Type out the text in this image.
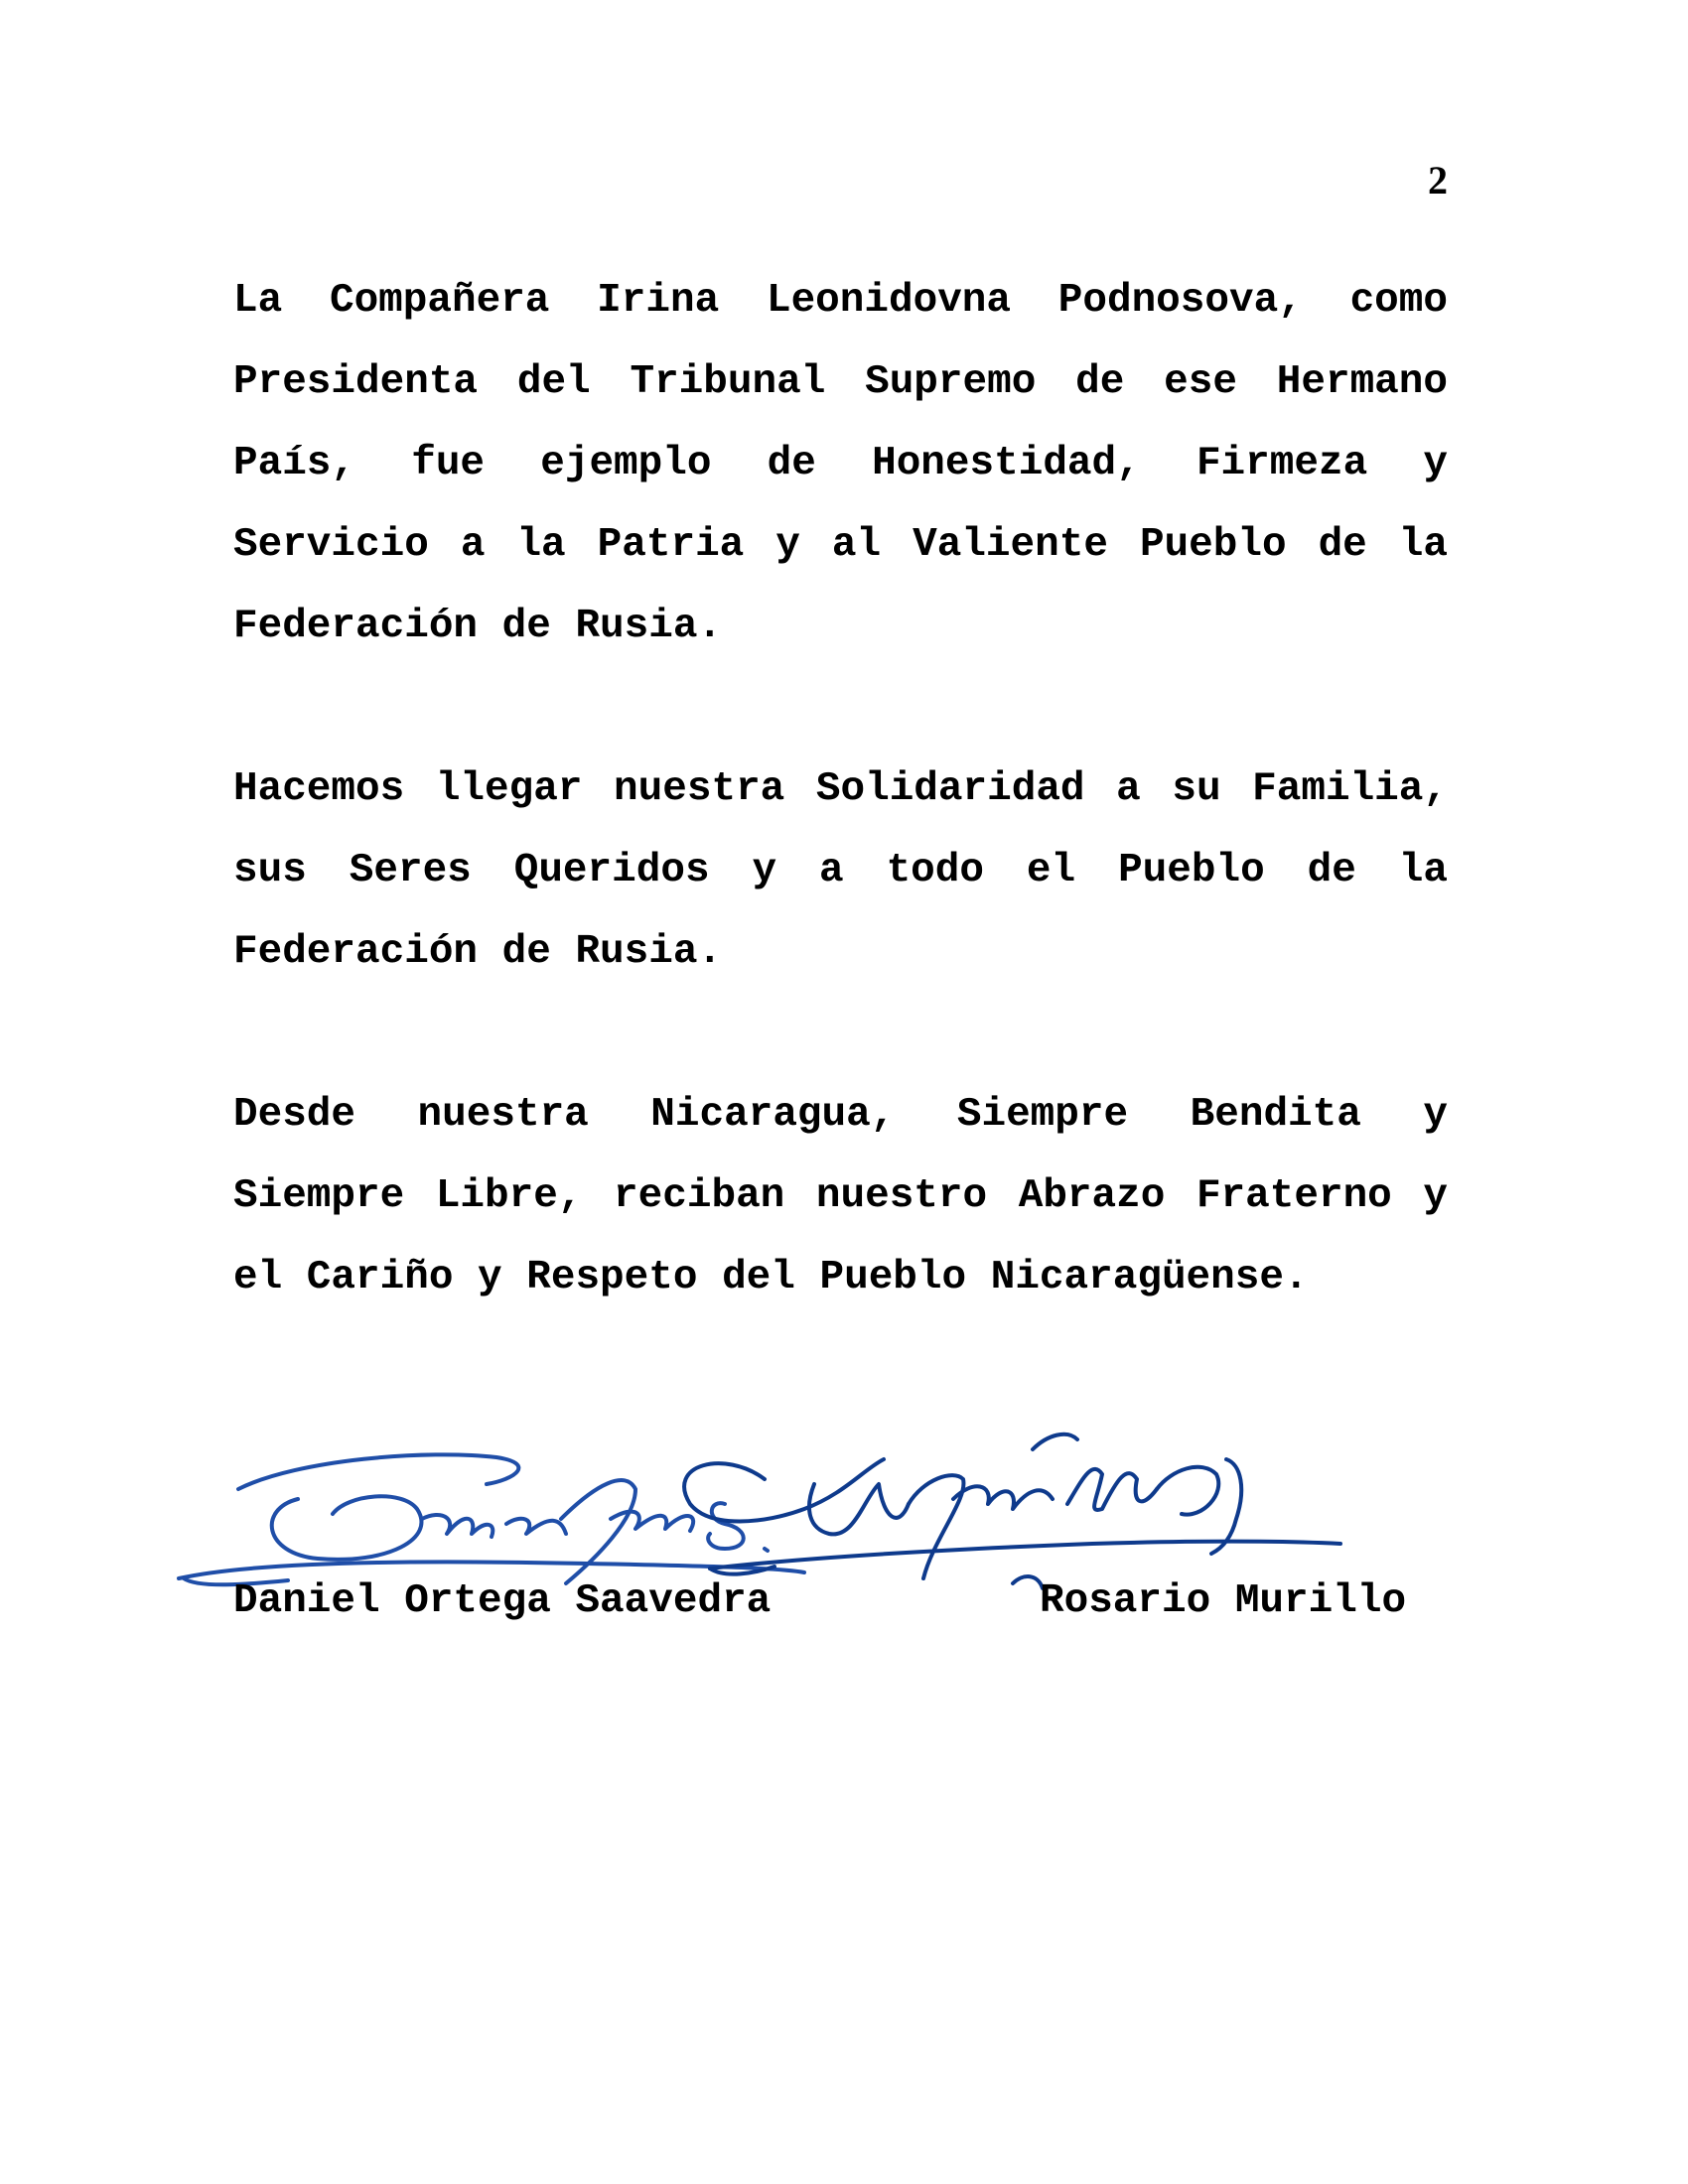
2

La Compañera Irina Leonidovna Podnosova, como Presidenta del Tribunal Supremo de ese Hermano País, fue ejemplo de Honestidad, Firmeza y Servicio a la Patria y al Valiente Pueblo de la Federación de Rusia.

Hacemos llegar nuestra Solidaridad a su Familia, sus Seres Queridos y a todo el Pueblo de la Federación de Rusia.

Desde nuestra Nicaragua, Siempre Bendita y Siempre Libre, reciban nuestro Abrazo Fraterno y el Cariño y Respeto del Pueblo Nicaragüense.

Daniel Ortega Saavedra	Rosario Murillo
